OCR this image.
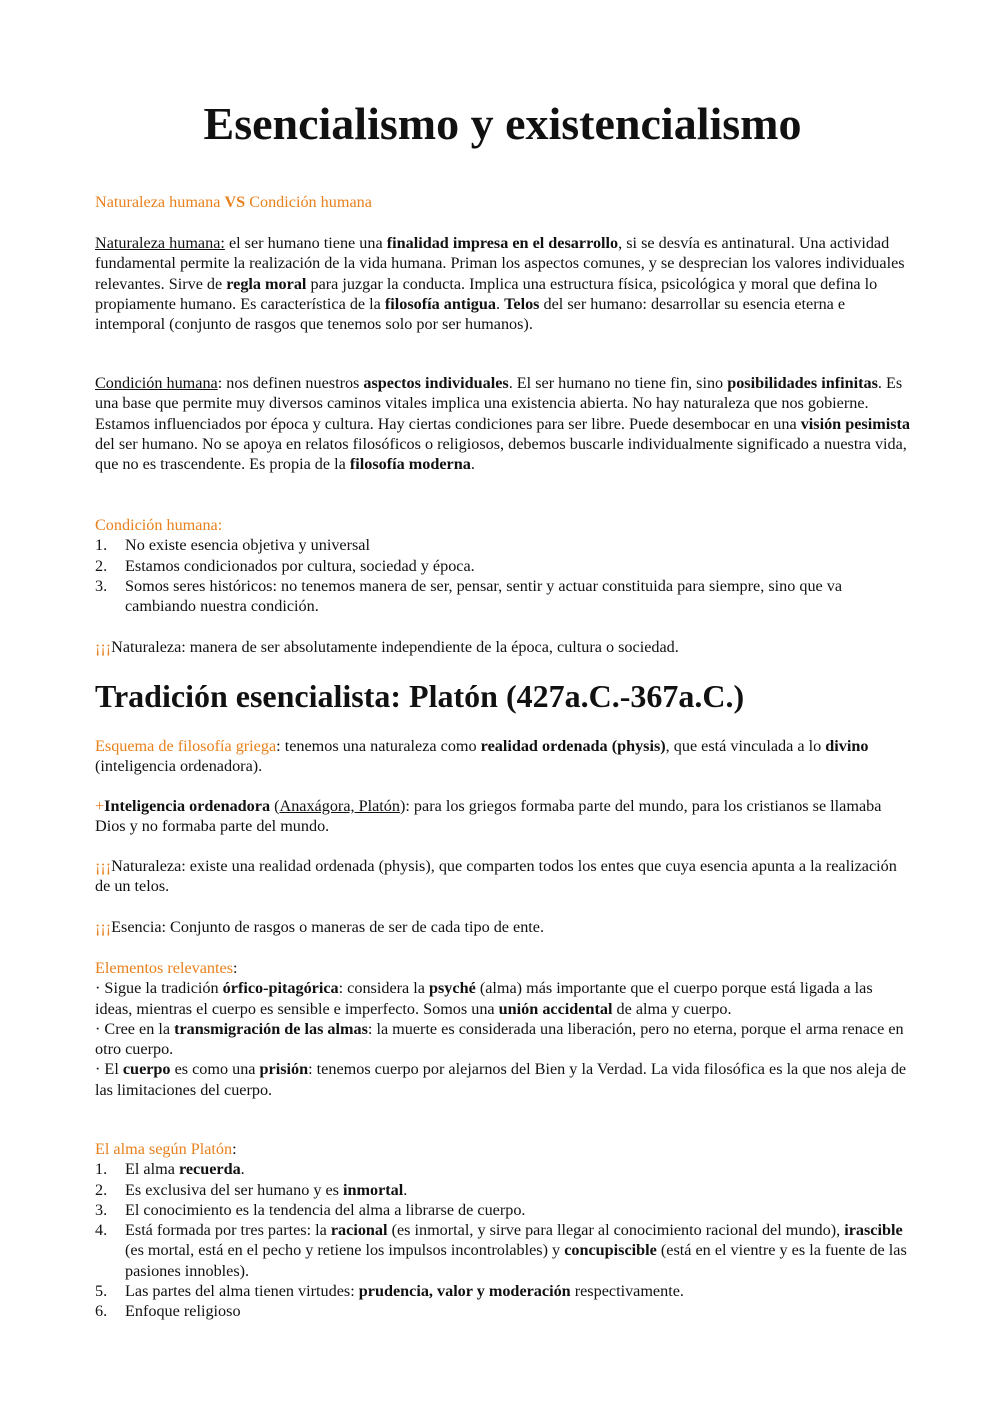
Esencialismo y existencialismo

Naturaleza humana VS Condición humana

Naturaleza humana: el ser humano tiene una finalidad impresa en el desarrollo, si se desvía es antinatural. Una actividad fundamental permite la realización de la vida humana. Priman los aspectos comunes, y se desprecian los valores individuales relevantes. Sirve de regla moral para juzgar la conducta. Implica una estructura física, psicológica y moral que defina lo propiamente humano. Es característica de la filosofía antigua. Telos del ser humano: desarrollar su esencia eterna e intemporal (conjunto de rasgos que tenemos solo por ser humanos).

Condición humana: nos definen nuestros aspectos individuales. El ser humano no tiene fin, sino posibilidades infinitas. Es una base que permite muy diversos caminos vitales implica una existencia abierta. No hay naturaleza que nos gobierne. Estamos influenciados por época y cultura. Hay ciertas condiciones para ser libre. Puede desembocar en una visión pesimista del ser humano. No se apoya en relatos filosóficos o religiosos, debemos buscarle individualmente significado a nuestra vida, que no es trascendente. Es propia de la filosofía moderna.

Condición humana:

1. No existe esencia objetiva y universal
2. Estamos condicionados por cultura, sociedad y época.
3. Somos seres históricos: no tenemos manera de ser, pensar, sentir y actuar constituida para siempre, sino que va cambiando nuestra condición.

¡¡¡Naturaleza: manera de ser absolutamente independiente de la época, cultura o sociedad.

Tradición esencialista: Platón (427a.C.-367a.C.)

Esquema de filosofía griega: tenemos una naturaleza como realidad ordenada (physis), que está vinculada a lo divino (inteligencia ordenadora).

+Inteligencia ordenadora (Anaxágora, Platón): para los griegos formaba parte del mundo, para los cristianos se llamaba Dios y no formaba parte del mundo.

¡¡¡Naturaleza: existe una realidad ordenada (physis), que comparten todos los entes que cuya esencia apunta a la realización de un telos.

¡¡¡Esencia: Conjunto de rasgos o maneras de ser de cada tipo de ente.

Elementos relevantes:

· Sigue la tradición órfico-pitagórica: considera la psyché (alma) más importante que el cuerpo porque está ligada a las ideas, mientras el cuerpo es sensible e imperfecto. Somos una unión accidental de alma y cuerpo.

· Cree en la transmigración de las almas: la muerte es considerada una liberación, pero no eterna, porque el arma renace en otro cuerpo.

· El cuerpo es como una prisión: tenemos cuerpo por alejarnos del Bien y la Verdad. La vida filosófica es la que nos aleja de las limitaciones del cuerpo.

El alma según Platón:

1. El alma recuerda.
2. Es exclusiva del ser humano y es inmortal.
3. El conocimiento es la tendencia del alma a librarse de cuerpo.
4. Está formada por tres partes: la racional (es inmortal, y sirve para llegar al conocimiento racional del mundo), irascible (es mortal, está en el pecho y retiene los impulsos incontrolables) y concupiscible (está en el vientre y es la fuente de las pasiones innobles).
5. Las partes del alma tienen virtudes: prudencia, valor y moderación respectivamente.
6. Enfoque religioso
